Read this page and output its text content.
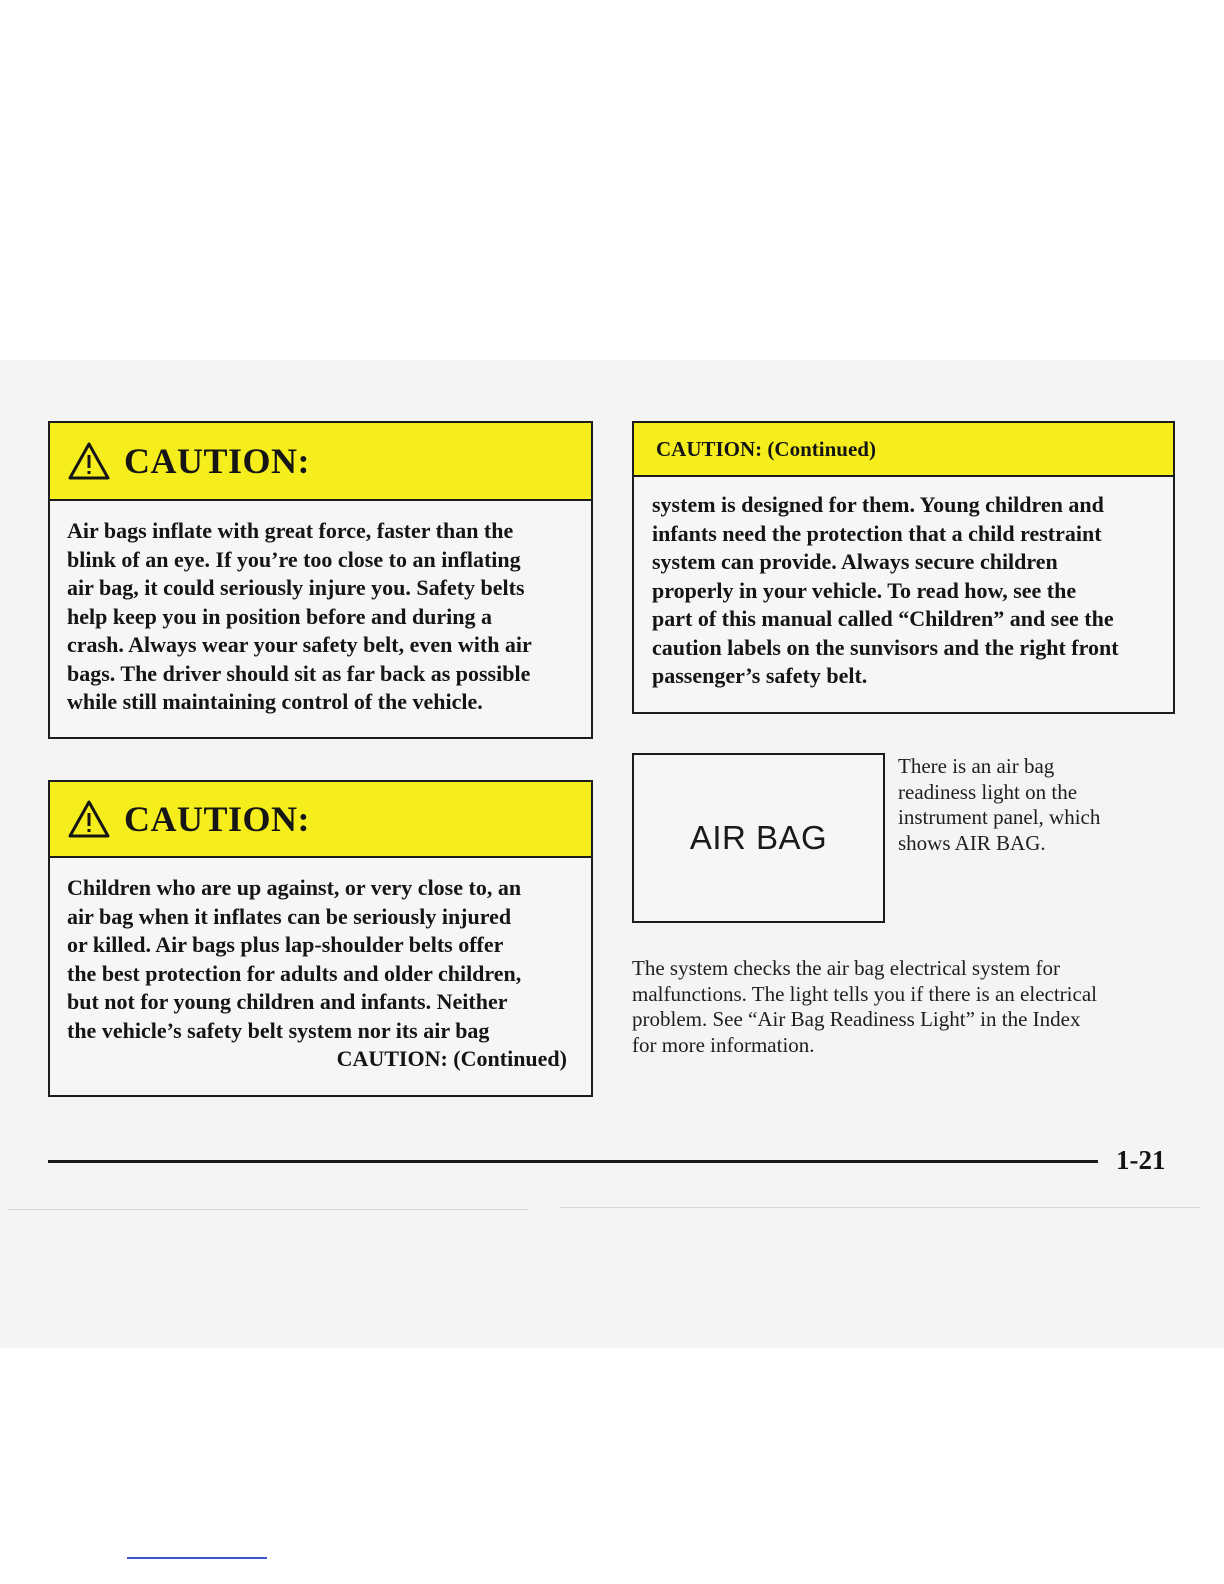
CAUTION:

Air bags inflate with great force, faster than the
blink of an eye. If you’re too close to an inflating
air bag, it could seriously injure you. Safety belts
help keep you in position before and during a
crash. Always wear your safety belt, even with air
bags. The driver should sit as far back as possible
while still maintaining control of the vehicle.

CAUTION:

Children who are up against, or very close to, an
air bag when it inflates can be seriously injured
or killed. Air bags plus lap-shoulder belts offer
the best protection for adults and older children,
but not for young children and infants. Neither
the vehicle’s safety belt system nor its air bag

CAUTION: (Continued)
CAUTION: (Continued)

system is designed for them. Young children and
infants need the protection that a child restraint
system can provide. Always secure children
properly in your vehicle. To read how, see the
part of this manual called “Children” and see the
caution labels on the sunvisors and the right front
passenger’s safety belt.

AIR BAG

There is an air bag
readiness light on the
instrument panel, which
shows AIR BAG.

The system checks the air bag electrical system for
malfunctions. The light tells you if there is an electrical
problem. See “Air Bag Readiness Light” in the Index
for more information.

1-21
